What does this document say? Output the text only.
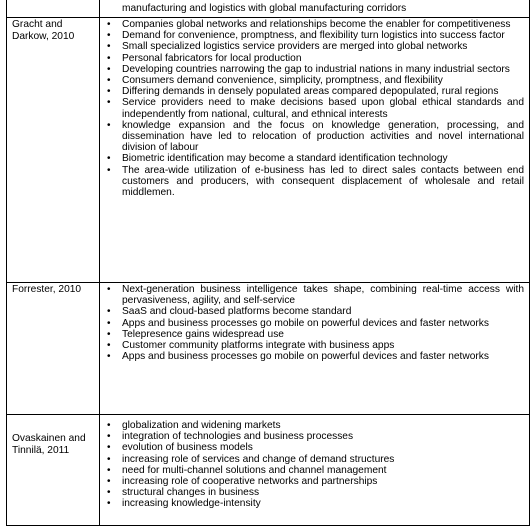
manufacturing and logistics with global manufacturing corridors
Gracht and Darkow, 2010
• Companies global networks and relationships become the enabler for competitiveness
• Demand for convenience, promptness, and flexibility turn logistics into success factor
• Small specialized logistics service providers are merged into global networks
• Personal fabricators for local production
• Developing countries narrowing the gap to industrial nations in many industrial sectors
• Consumers demand convenience, simplicity, promptness, and flexibility
• Differing demands in densely populated areas compared depopulated, rural regions
• Service providers need to make decisions based upon global ethical standards and independently from national, cultural, and ethnical interests
• knowledge expansion and the focus on knowledge generation, processing, and dissemination have led to relocation of production activities and novel international division of labour
• Biometric identification may become a standard identification technology
• The area-wide utilization of e-business has led to direct sales contacts between end customers and producers, with consequent displacement of wholesale and retail middlemen.
Forrester, 2010
•	Next-generation business intelligence takes shape, combining real-time access with pervasiveness, agility, and self-service
• SaaS and cloud-based platforms become standard
• Apps and business processes go mobile on powerful devices and faster networks
• Telepresence gains widespread use
• Customer community platforms integrate with business apps
• Apps and business processes go mobile on powerful devices and faster networks
Ovaskainen and Tinnilä, 2011
• globalization and widening markets
• integration of technologies and business processes
• evolution of business models
• increasing role of services and change of demand structures
• need for multi-channel solutions and channel management
• increasing role of cooperative networks and partnerships
• structural changes in business
• increasing knowledge-intensity
